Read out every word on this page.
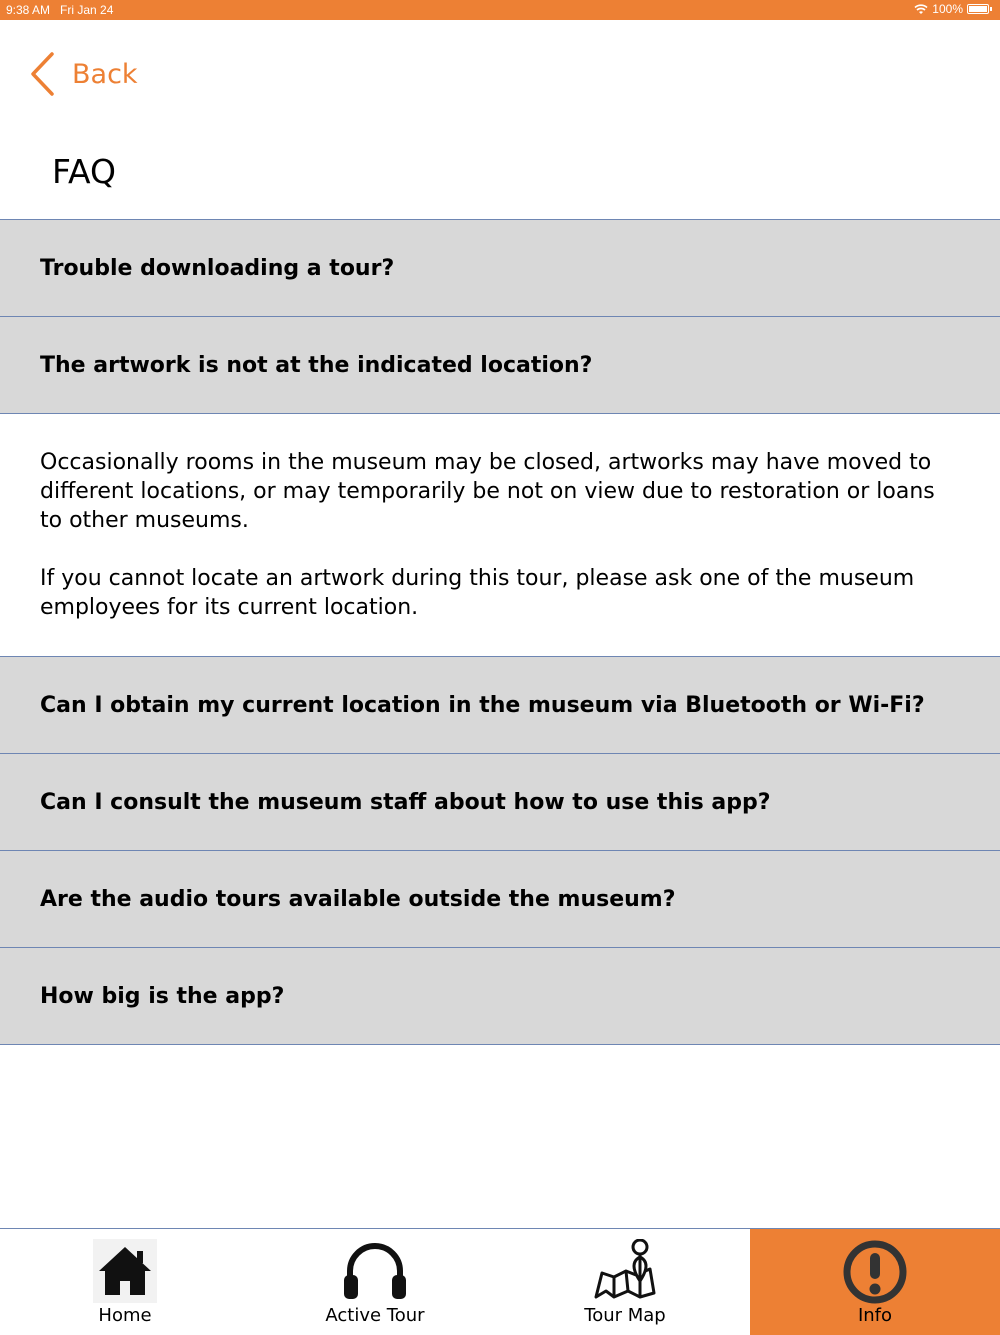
9:38 AM Fri Jan 24	100%
Back
FAQ
Trouble downloading a tour?
The artwork is not at the indicated location?

Occasionally rooms in the museum may be closed, artworks may have moved to different locations, or may temporarily be not on view due to restoration or loans to other museums.

If you cannot locate an artwork during this tour, please ask one of the museum employees for its current location.

Can I obtain my current location in the museum via Bluetooth or Wi-Fi?
Can I consult the museum staff about how to use this app?
Are the audio tours available outside the museum?
How big is the app?
Home	Active Tour	Tour Map	Info
